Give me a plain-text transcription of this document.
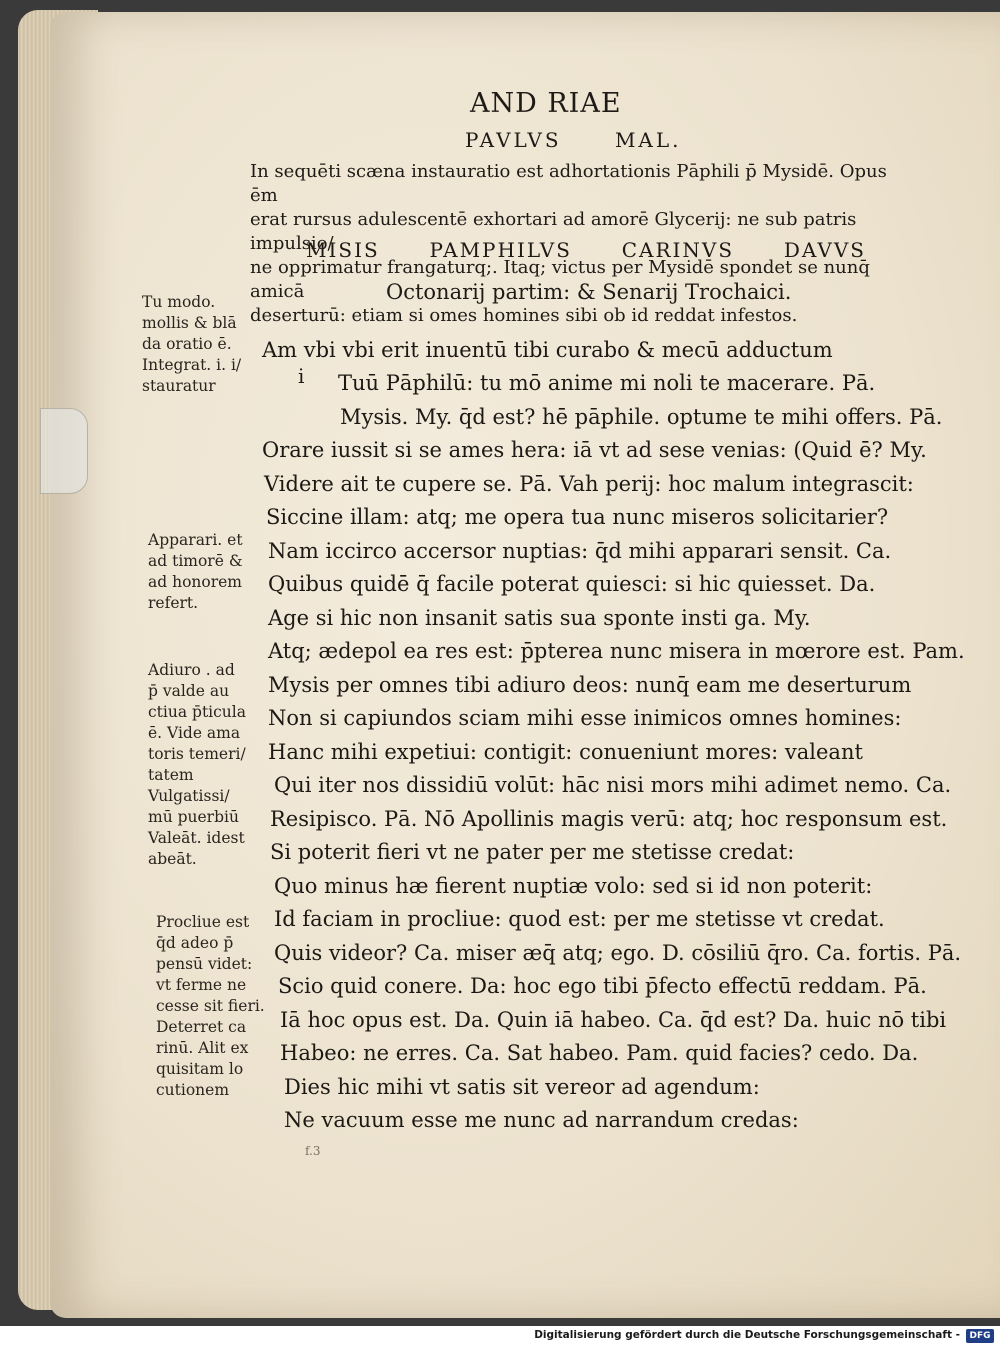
AND RIAE
PAVLVS	MAL.
In sequēti scæna instauratio est adhortationis Pāphili p̄ Mysidē. Opus ēm
erat rursus adulescentē exhortari ad amorē Glycerij: ne sub patris impulsio/
ne opprimatur frangaturq;. Itaq; victus per Mysidē spondet se nunq̄ amicā
deserturū: etiam si omes homines sibi ob id reddat infestos.
MISIS PAMPHILVS CARINVS DAVVS
Octonarij partim: & Senarij Trochaici.
i
Am vbi vbi erit inuentū tibi curabo & mecū adductum
Tuū Pāphilū: tu mō anime mi noli te macerare. Pā.
Mysis. My. q̄d est? hē pāphile. optume te mihi offers. Pā.
Orare iussit si se ames hera: iā vt ad sese venias: (Quid ē? My.
Videre ait te cupere se. Pā. Vah perij: hoc malum integrascit:
Siccine illam: atq; me opera tua nunc miseros solicitarier?
Nam iccirco accersor nuptias: q̄d mihi apparari sensit. Ca.
Quibus quidē q̄ facile poterat quiesci: si hic quiesset. Da.
Age si hic non insanit satis sua sponte insti ga. My.
Atq; ædepol ea res est: p̄pterea nunc misera in mœrore est. Pam.
Mysis per omnes tibi adiuro deos: nunq̄ eam me deserturum
Non si capiundos sciam mihi esse inimicos omnes homines:
Hanc mihi expetiui: contigit: conueniunt mores: valeant
Qui iter nos dissidiū volūt: hāc nisi mors mihi adimet nemo. Ca.
Resipisco. Pā. Nō Apollinis magis verū: atq; hoc responsum est.
Si poterit fieri vt ne pater per me stetisse credat:
Quo minus hæ fierent nuptiæ volo: sed si id non poterit:
Id faciam in procliue: quod est: per me stetisse vt credat.
Quis videor? Ca. miser æq̄ atq; ego. D. cōsiliū q̄ro. Ca. fortis. Pā.
Scio quid conere. Da: hoc ego tibi p̄fecto effectū reddam. Pā.
Iā hoc opus est. Da. Quin iā habeo. Ca. q̄d est? Da. huic nō tibi
Habeo: ne erres. Ca. Sat habeo. Pam. quid facies? cedo. Da.
Dies hic mihi vt satis sit vereor ad agendum:
Ne vacuum esse me nunc ad narrandum credas:
Tu modo.
mollis & blā
da oratio ē.
Integrat. i. i/
stauratur
Apparari. et
ad timorē &
ad honorem
refert.
Adiuro . ad
p̄ valde au
ctiua p̄ticula
ē. Vide ama
toris temeri/
tatem
Vulgatissi/
mū puerbiū
Valeāt. idest
abeāt.
Procliue est
q̄d adeo p̄
pensū videt:
vt ferme ne
cesse sit fieri.
Deterret ca
rinū. Alit ex
quisitam lo
cutionem
f.3
Digitalisierung gefördert durch die Deutsche Forschungsgemeinschaft -	DFG
